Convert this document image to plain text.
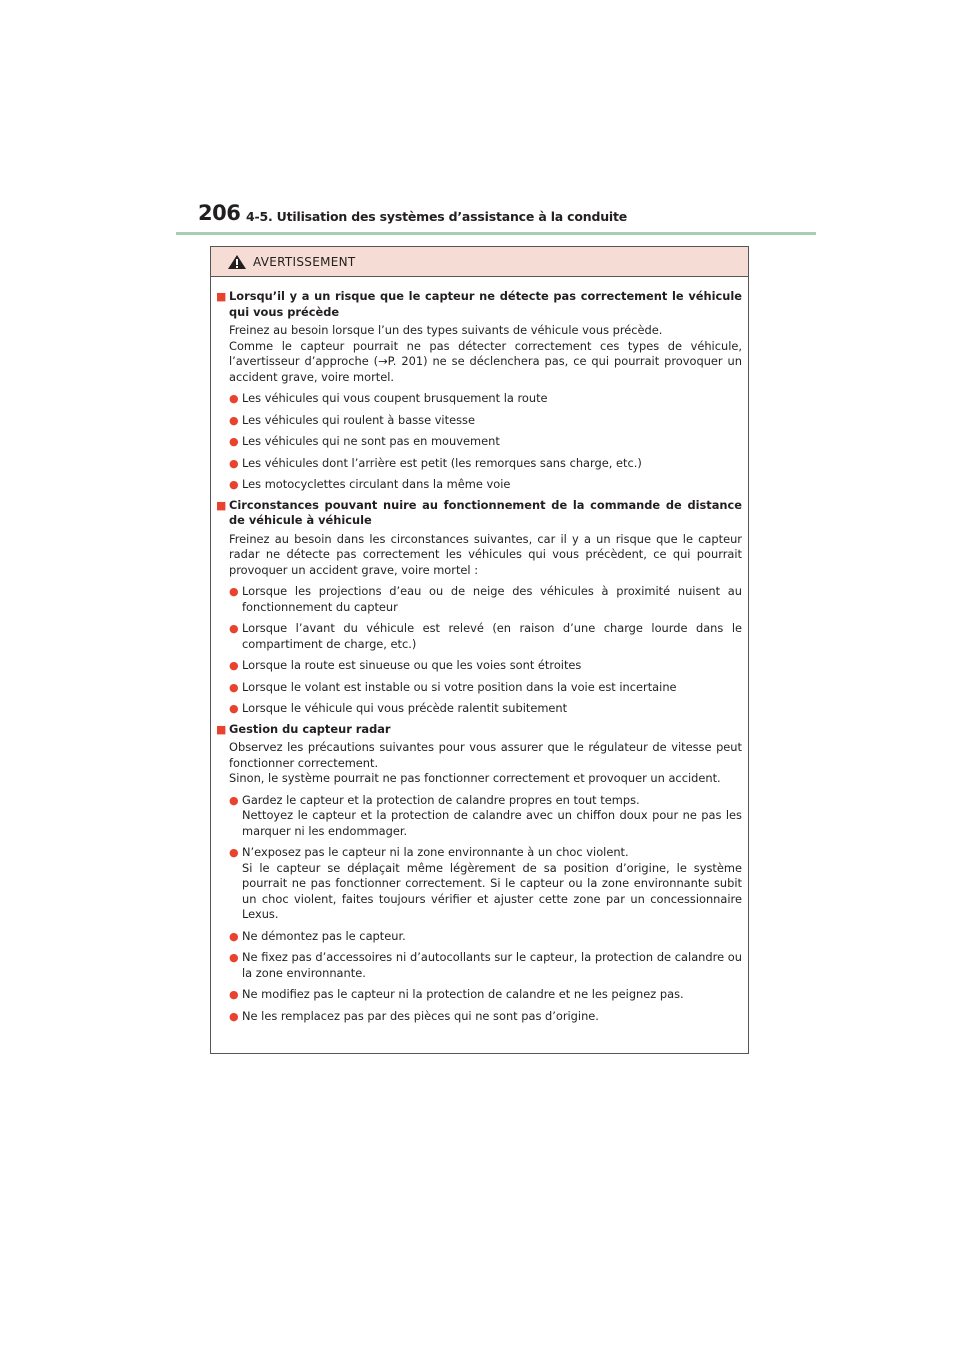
206 4-5. Utilisation des systèmes d’assistance à la conduite
AVERTISSEMENT
■ Lorsqu’il y a un risque que le capteur ne détecte pas correctement le véhicule qui vous précède
Freinez au besoin lorsque l’un des types suivants de véhicule vous précède.
Comme le capteur pourrait ne pas détecter correctement ces types de véhicule, l’avertisseur d’approche (→P. 201) ne se déclenchera pas, ce qui pourrait provoquer un accident grave, voire mortel.
● Les véhicules qui vous coupent brusquement la route
● Les véhicules qui roulent à basse vitesse
● Les véhicules qui ne sont pas en mouvement
● Les véhicules dont l’arrière est petit (les remorques sans charge, etc.)
● Les motocyclettes circulant dans la même voie
■ Circonstances pouvant nuire au fonctionnement de la commande de distance de véhicule à véhicule
Freinez au besoin dans les circonstances suivantes, car il y a un risque que le capteur radar ne détecte pas correctement les véhicules qui vous précèdent, ce qui pourrait provoquer un accident grave, voire mortel :
● Lorsque les projections d’eau ou de neige des véhicules à proximité nuisent au fonctionnement du capteur
● Lorsque l’avant du véhicule est relevé (en raison d’une charge lourde dans le compartiment de charge, etc.)
● Lorsque la route est sinueuse ou que les voies sont étroites
● Lorsque le volant est instable ou si votre position dans la voie est incertaine
● Lorsque le véhicule qui vous précède ralentit subitement
■ Gestion du capteur radar
Observez les précautions suivantes pour vous assurer que le régulateur de vitesse peut fonctionner correctement.
Sinon, le système pourrait ne pas fonctionner correctement et provoquer un accident.
● Gardez le capteur et la protection de calandre propres en tout temps.
Nettoyez le capteur et la protection de calandre avec un chiffon doux pour ne pas les marquer ni les endommager.
● N’exposez pas le capteur ni la zone environnante à un choc violent.
Si le capteur se déplaçait même légèrement de sa position d’origine, le système pourrait ne pas fonctionner correctement. Si le capteur ou la zone environnante subit un choc violent, faites toujours vérifier et ajuster cette zone par un concessionnaire Lexus.
● Ne démontez pas le capteur.
● Ne fixez pas d’accessoires ni d’autocollants sur le capteur, la protection de calandre ou la zone environnante.
● Ne modifiez pas le capteur ni la protection de calandre et ne les peignez pas.
● Ne les remplacez pas par des pièces qui ne sont pas d’origine.
